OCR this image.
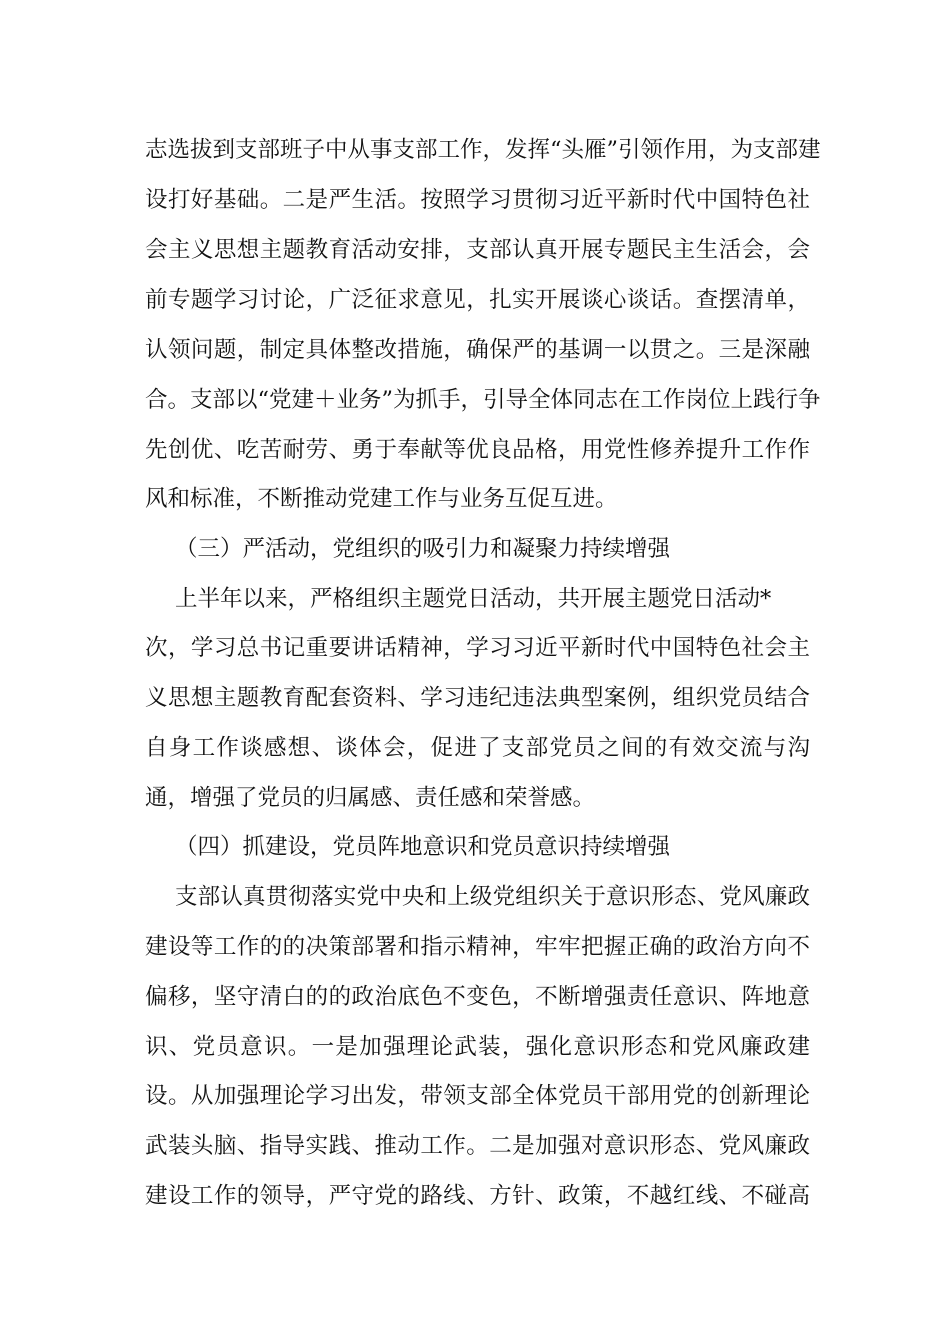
志选拔到支部班子中从事支部工作，发挥“头雁”引领作用，为支部建
设打好基础。二是严生活。按照学习贯彻习近平新时代中国特色社
会主义思想主题教育活动安排，支部认真开展专题民主生活会，会
前专题学习讨论，广泛征求意见，扎实开展谈心谈话。查摆清单，
认领问题，制定具体整改措施，确保严的基调一以贯之。三是深融
合。支部以“党建＋业务”为抓手，引导全体同志在工作岗位上践行争
先创优、吃苦耐劳、勇于奉献等优良品格，用党性修养提升工作作
风和标准，不断推动党建工作与业务互促互进。
（三）严活动，党组织的吸引力和凝聚力持续增强
上半年以来，严格组织主题党日活动，共开展主题党日活动*
次，学习总书记重要讲话精神，学习习近平新时代中国特色社会主
义思想主题教育配套资料、学习违纪违法典型案例，组织党员结合
自身工作谈感想、谈体会，促进了支部党员之间的有效交流与沟
通，增强了党员的归属感、责任感和荣誉感。
（四）抓建设，党员阵地意识和党员意识持续增强
支部认真贯彻落实党中央和上级党组织关于意识形态、党风廉政
建设等工作的的决策部署和指示精神，牢牢把握正确的政治方向不
偏移，坚守清白的的政治底色不变色，不断增强责任意识、阵地意
识、党员意识。一是加强理论武装，强化意识形态和党风廉政建
设。从加强理论学习出发，带领支部全体党员干部用党的创新理论
武装头脑、指导实践、推动工作。二是加强对意识形态、党风廉政
建设工作的领导，严守党的路线、方针、政策，不越红线、不碰高
